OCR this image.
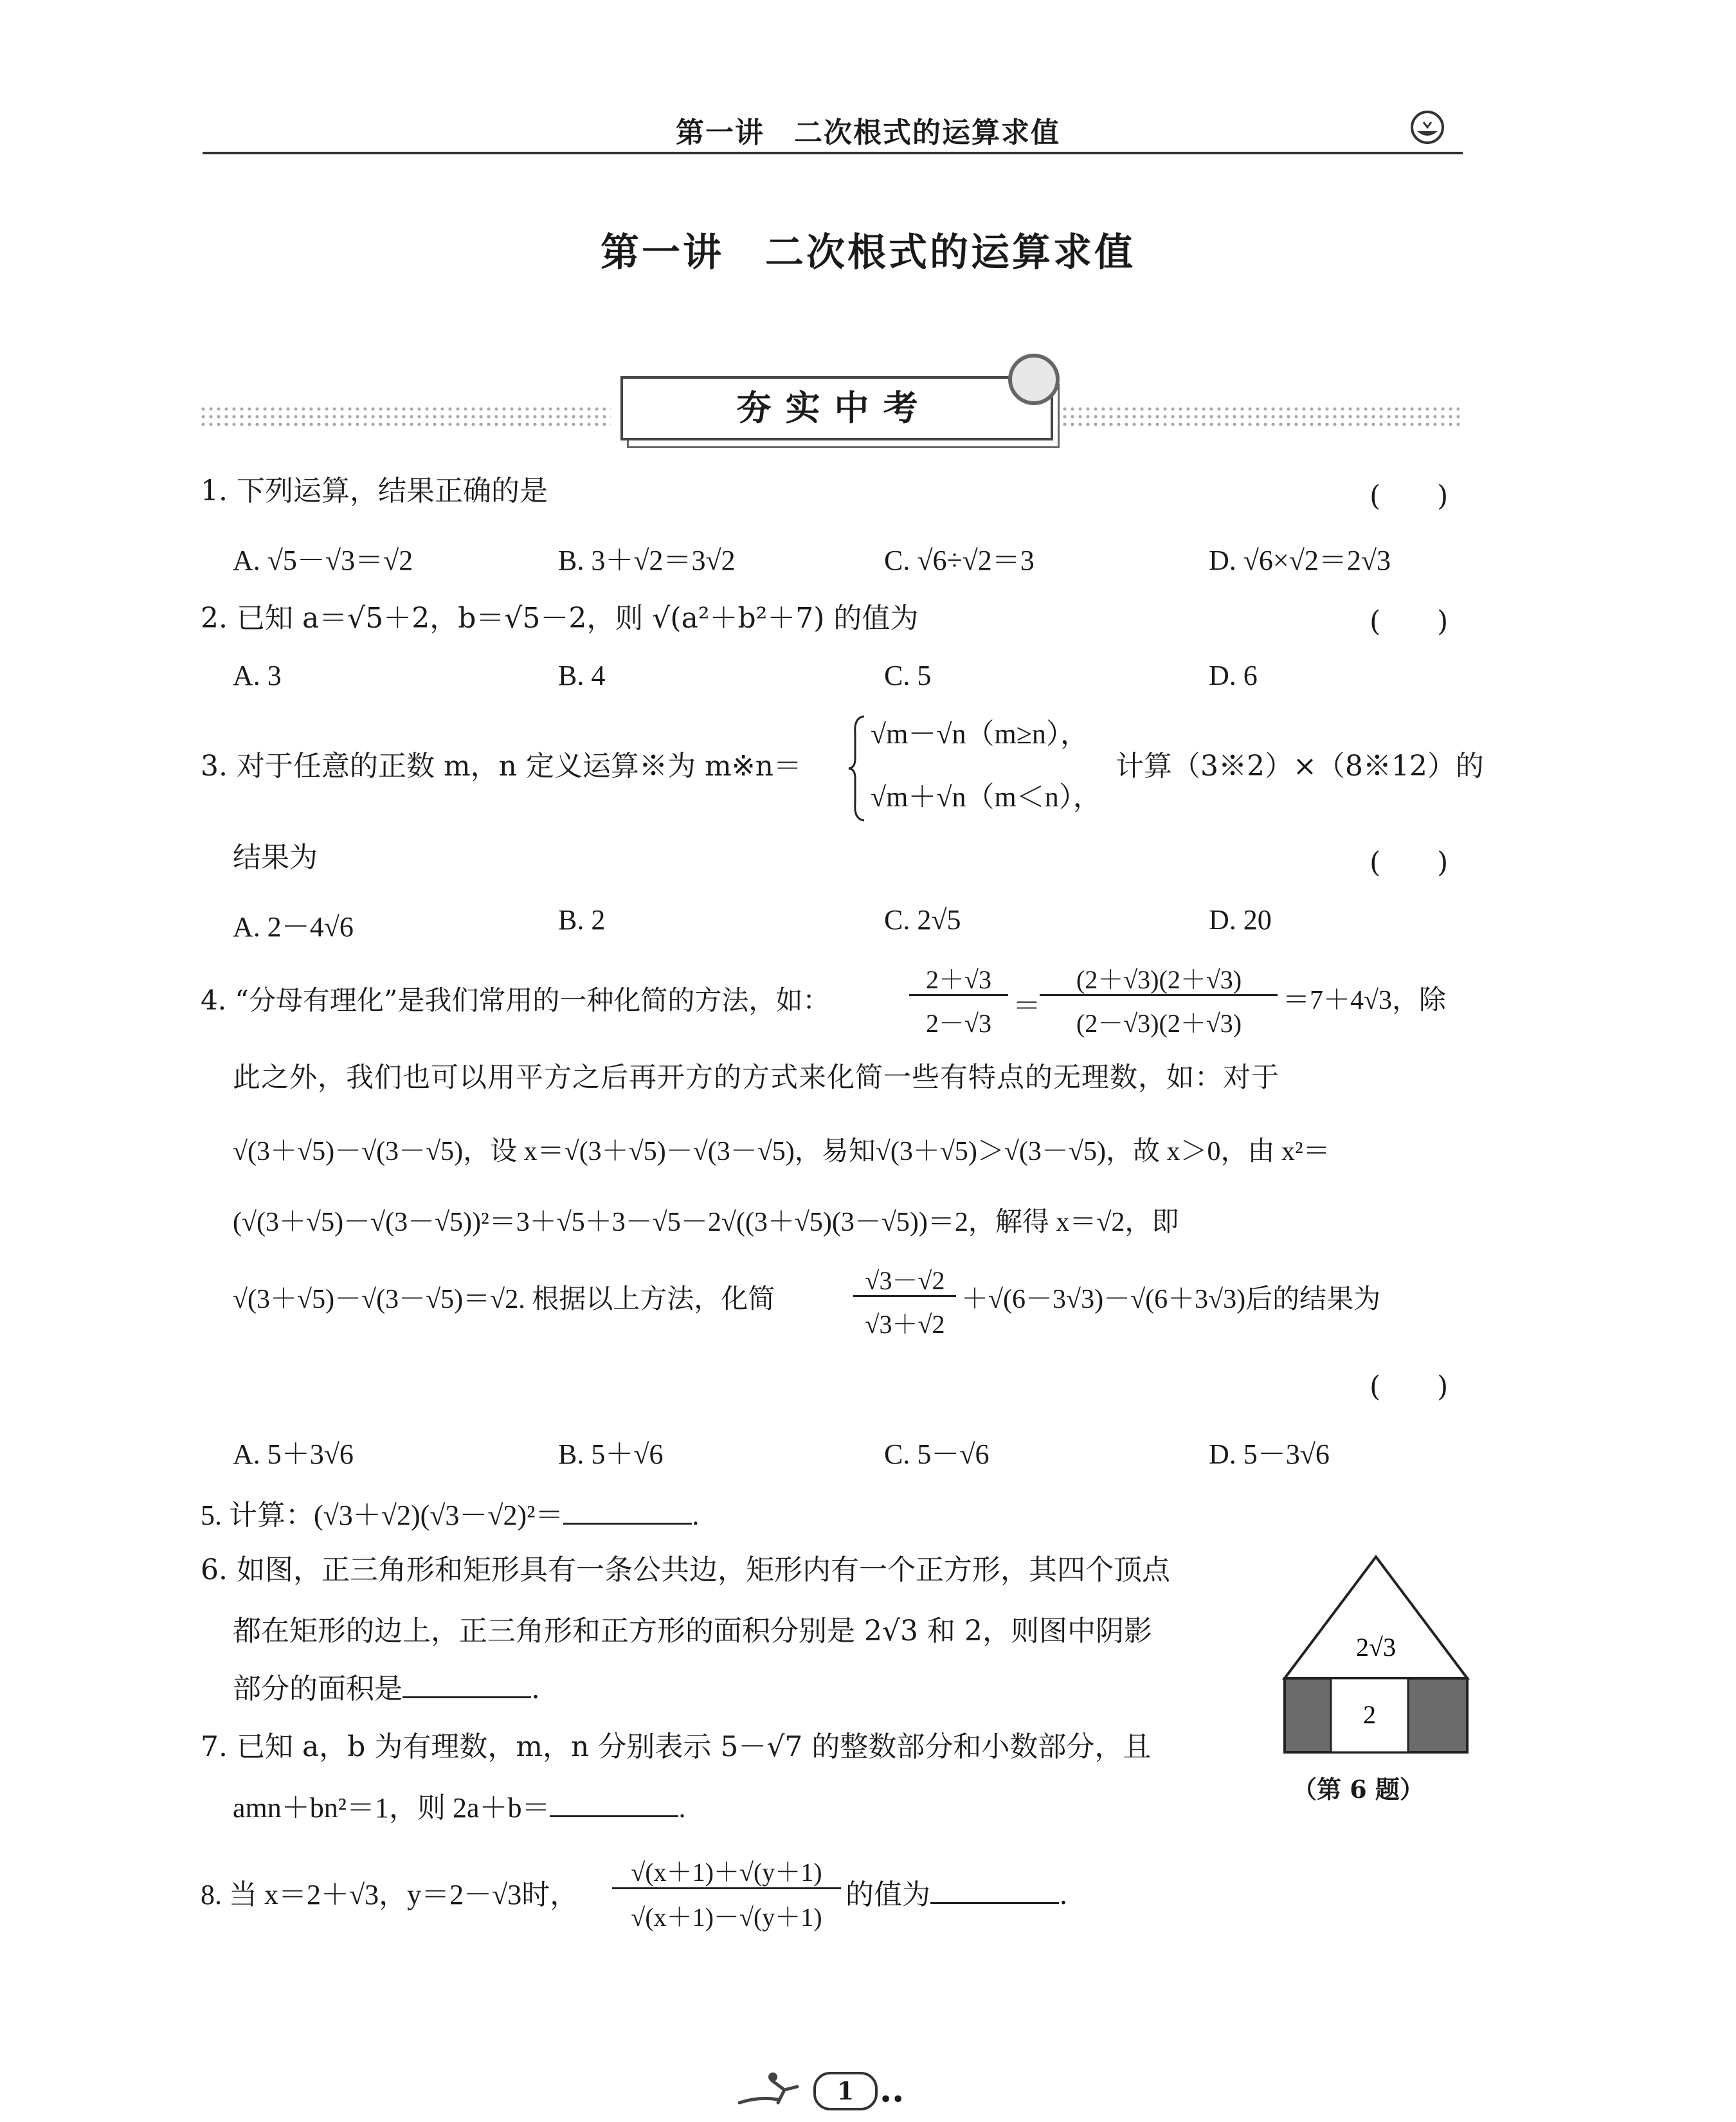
第一讲　二次根式的运算求值
第一讲　二次根式的运算求值
夯实中考
1. 下列运算，结果正确的是	(　　)
A. √5－√3＝√2	B. 3＋√2＝3√2	C. √6÷√2＝3	D. √6×√2＝2√3
2. 已知 a＝√5＋2，b＝√5－2，则 √(a²＋b²＋7) 的值为	(　　)
A. 3	B. 4	C. 5	D. 6
3. 对于任意的正数 m，n 定义运算※为 m※n＝
√m－√n（m≥n），
√m＋√n（m＜n），
计算（3※2）×（8※12）的
结果为	(　　)
A. 2－4√6	B. 2	C. 2√5	D. 20
4. “分母有理化”是我们常用的一种化简的方法，如：
2＋√3
2－√3
＝
(2＋√3)(2＋√3)
(2－√3)(2＋√3)
＝7＋4√3，除
此之外，我们也可以用平方之后再开方的方式来化简一些有特点的无理数，如：对于
√(3＋√5)－√(3－√5)，设 x＝√(3＋√5)－√(3－√5)，易知√(3＋√5)＞√(3－√5)，故 x＞0，由 x²＝
(√(3＋√5)－√(3－√5))²＝3＋√5＋3－√5－2√((3＋√5)(3－√5))＝2，解得 x＝√2，即
√(3＋√5)－√(3－√5)＝√2. 根据以上方法，化简
√3－√2
√3＋√2
＋√(6－3√3)－√(6＋3√3)后的结果为
(　　)
A. 5＋3√6	B. 5＋√6	C. 5－√6	D. 5－3√6
5. 计算：(√3＋√2)(√3－√2)²＝	.
6. 如图，正三角形和矩形具有一条公共边，矩形内有一个正方形，其四个顶点
都在矩形的边上，正三角形和正方形的面积分别是 2√3 和 2，则图中阴影
部分的面积是	.
2√3
2
（第 6 题）
7. 已知 a，b 为有理数，m，n 分别表示 5－√7 的整数部分和小数部分，且
amn＋bn²＝1，则 2a＋b＝	.
8. 当 x＝2＋√3，y＝2－√3时，
√(x＋1)＋√(y＋1)
√(x＋1)－√(y＋1)
的值为	.
1	••
